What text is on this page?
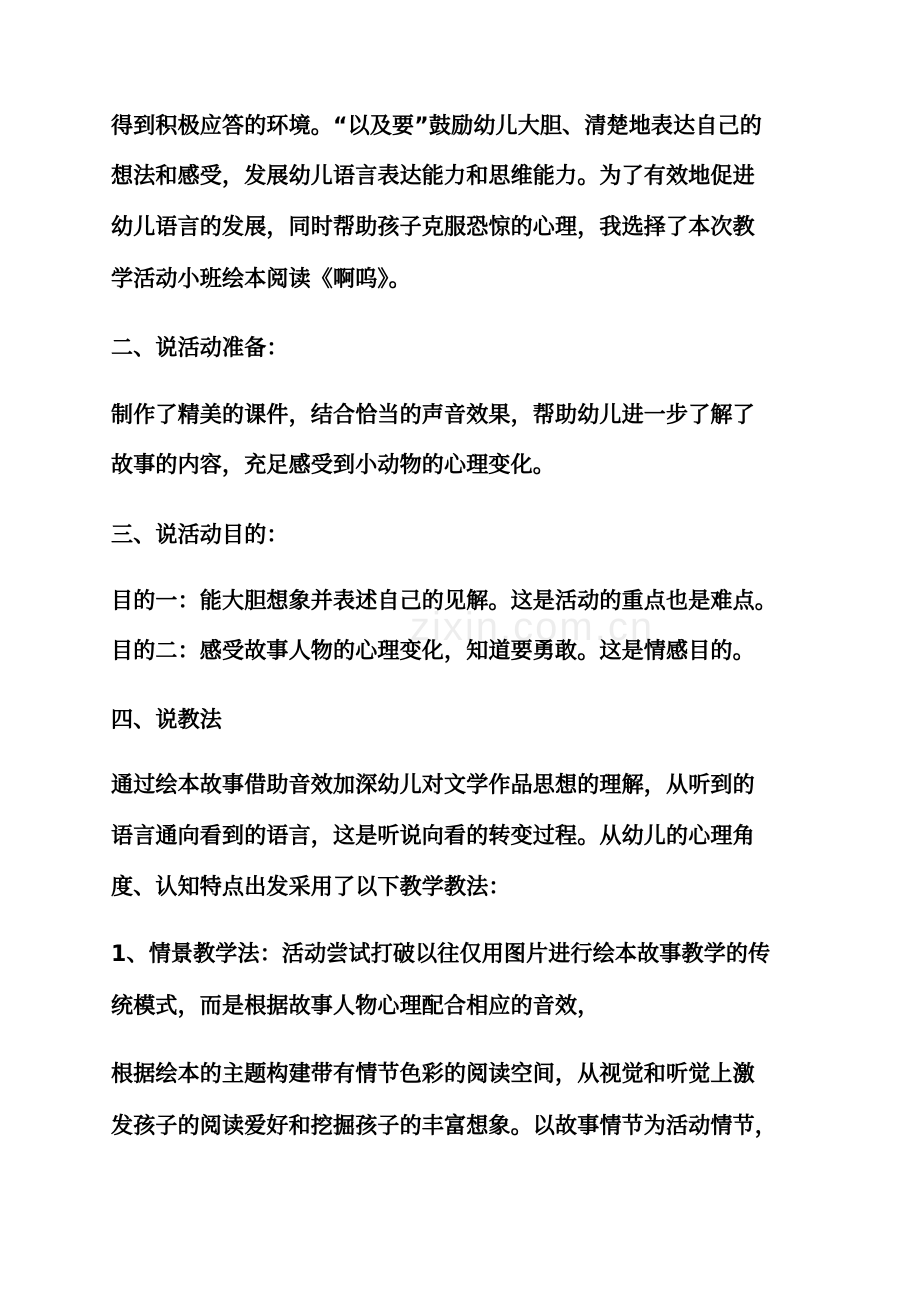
得到积极应答的环境。“以及要”鼓励幼儿大胆、清楚地表达自己的
想法和感受，发展幼儿语言表达能力和思维能力。为了有效地促进
幼儿语言的发展，同时帮助孩子克服恐惊的心理，我选择了本次教
学活动小班绘本阅读《啊呜》。
二、说活动准备：
制作了精美的课件，结合恰当的声音效果，帮助幼儿进一步了解了
故事的内容，充足感受到小动物的心理变化。
三、说活动目的：
目的一：能大胆想象并表述自己的见解。这是活动的重点也是难点。
目的二：感受故事人物的心理变化，知道要勇敢。这是情感目的。
四、说教法
通过绘本故事借助音效加深幼儿对文学作品思想的理解，从听到的
语言通向看到的语言，这是听说向看的转变过程。从幼儿的心理角
度、认知特点出发采用了以下教学教法：
1、情景教学法：活动尝试打破以往仅用图片进行绘本故事教学的传
统模式，而是根据故事人物心理配合相应的音效，
根据绘本的主题构建带有情节色彩的阅读空间，从视觉和听觉上激
发孩子的阅读爱好和挖掘孩子的丰富想象。以故事情节为活动情节，
zixin.com.cn
